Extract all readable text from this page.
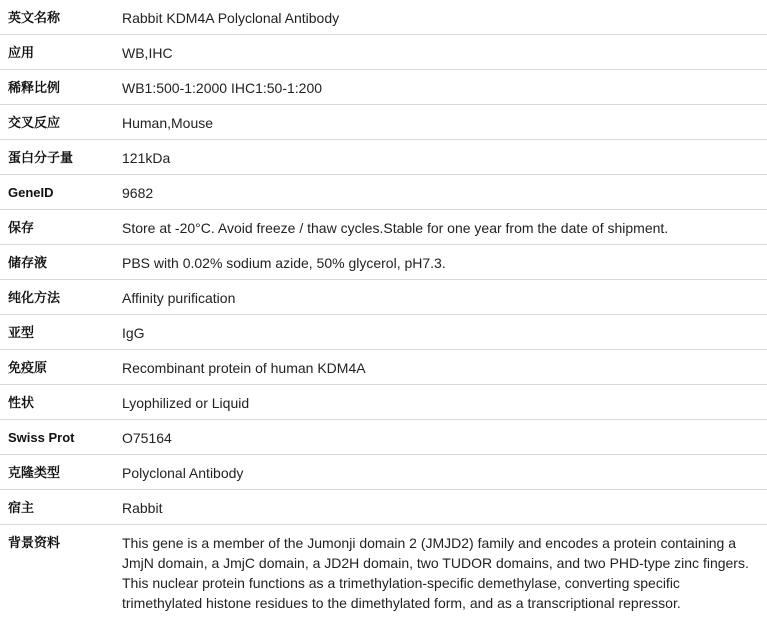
英文名称	Rabbit KDM4A Polyclonal Antibody
应用	WB,IHC
稀释比例	WB1:500-1:2000 IHC1:50-1:200
交叉反应	Human,Mouse
蛋白分子量	121kDa
GeneID	9682
保存	Store at -20°C. Avoid freeze / thaw cycles.Stable for one year from the date of shipment.
储存液	PBS with 0.02% sodium azide, 50% glycerol, pH7.3.
纯化方法	Affinity purification
亚型	IgG
免疫原	Recombinant protein of human KDM4A
性状	Lyophilized or Liquid
Swiss Prot	O75164
克隆类型	Polyclonal Antibody
宿主	Rabbit
背景资料	This gene is a member of the Jumonji domain 2 (JMJD2) family and encodes a protein containing a JmjN domain, a JmjC domain, a JD2H domain, two TUDOR domains, and two PHD-type zinc fingers. This nuclear protein functions as a trimethylation-specific demethylase, converting specific trimethylated histone residues to the dimethylated form, and as a transcriptional repressor.
